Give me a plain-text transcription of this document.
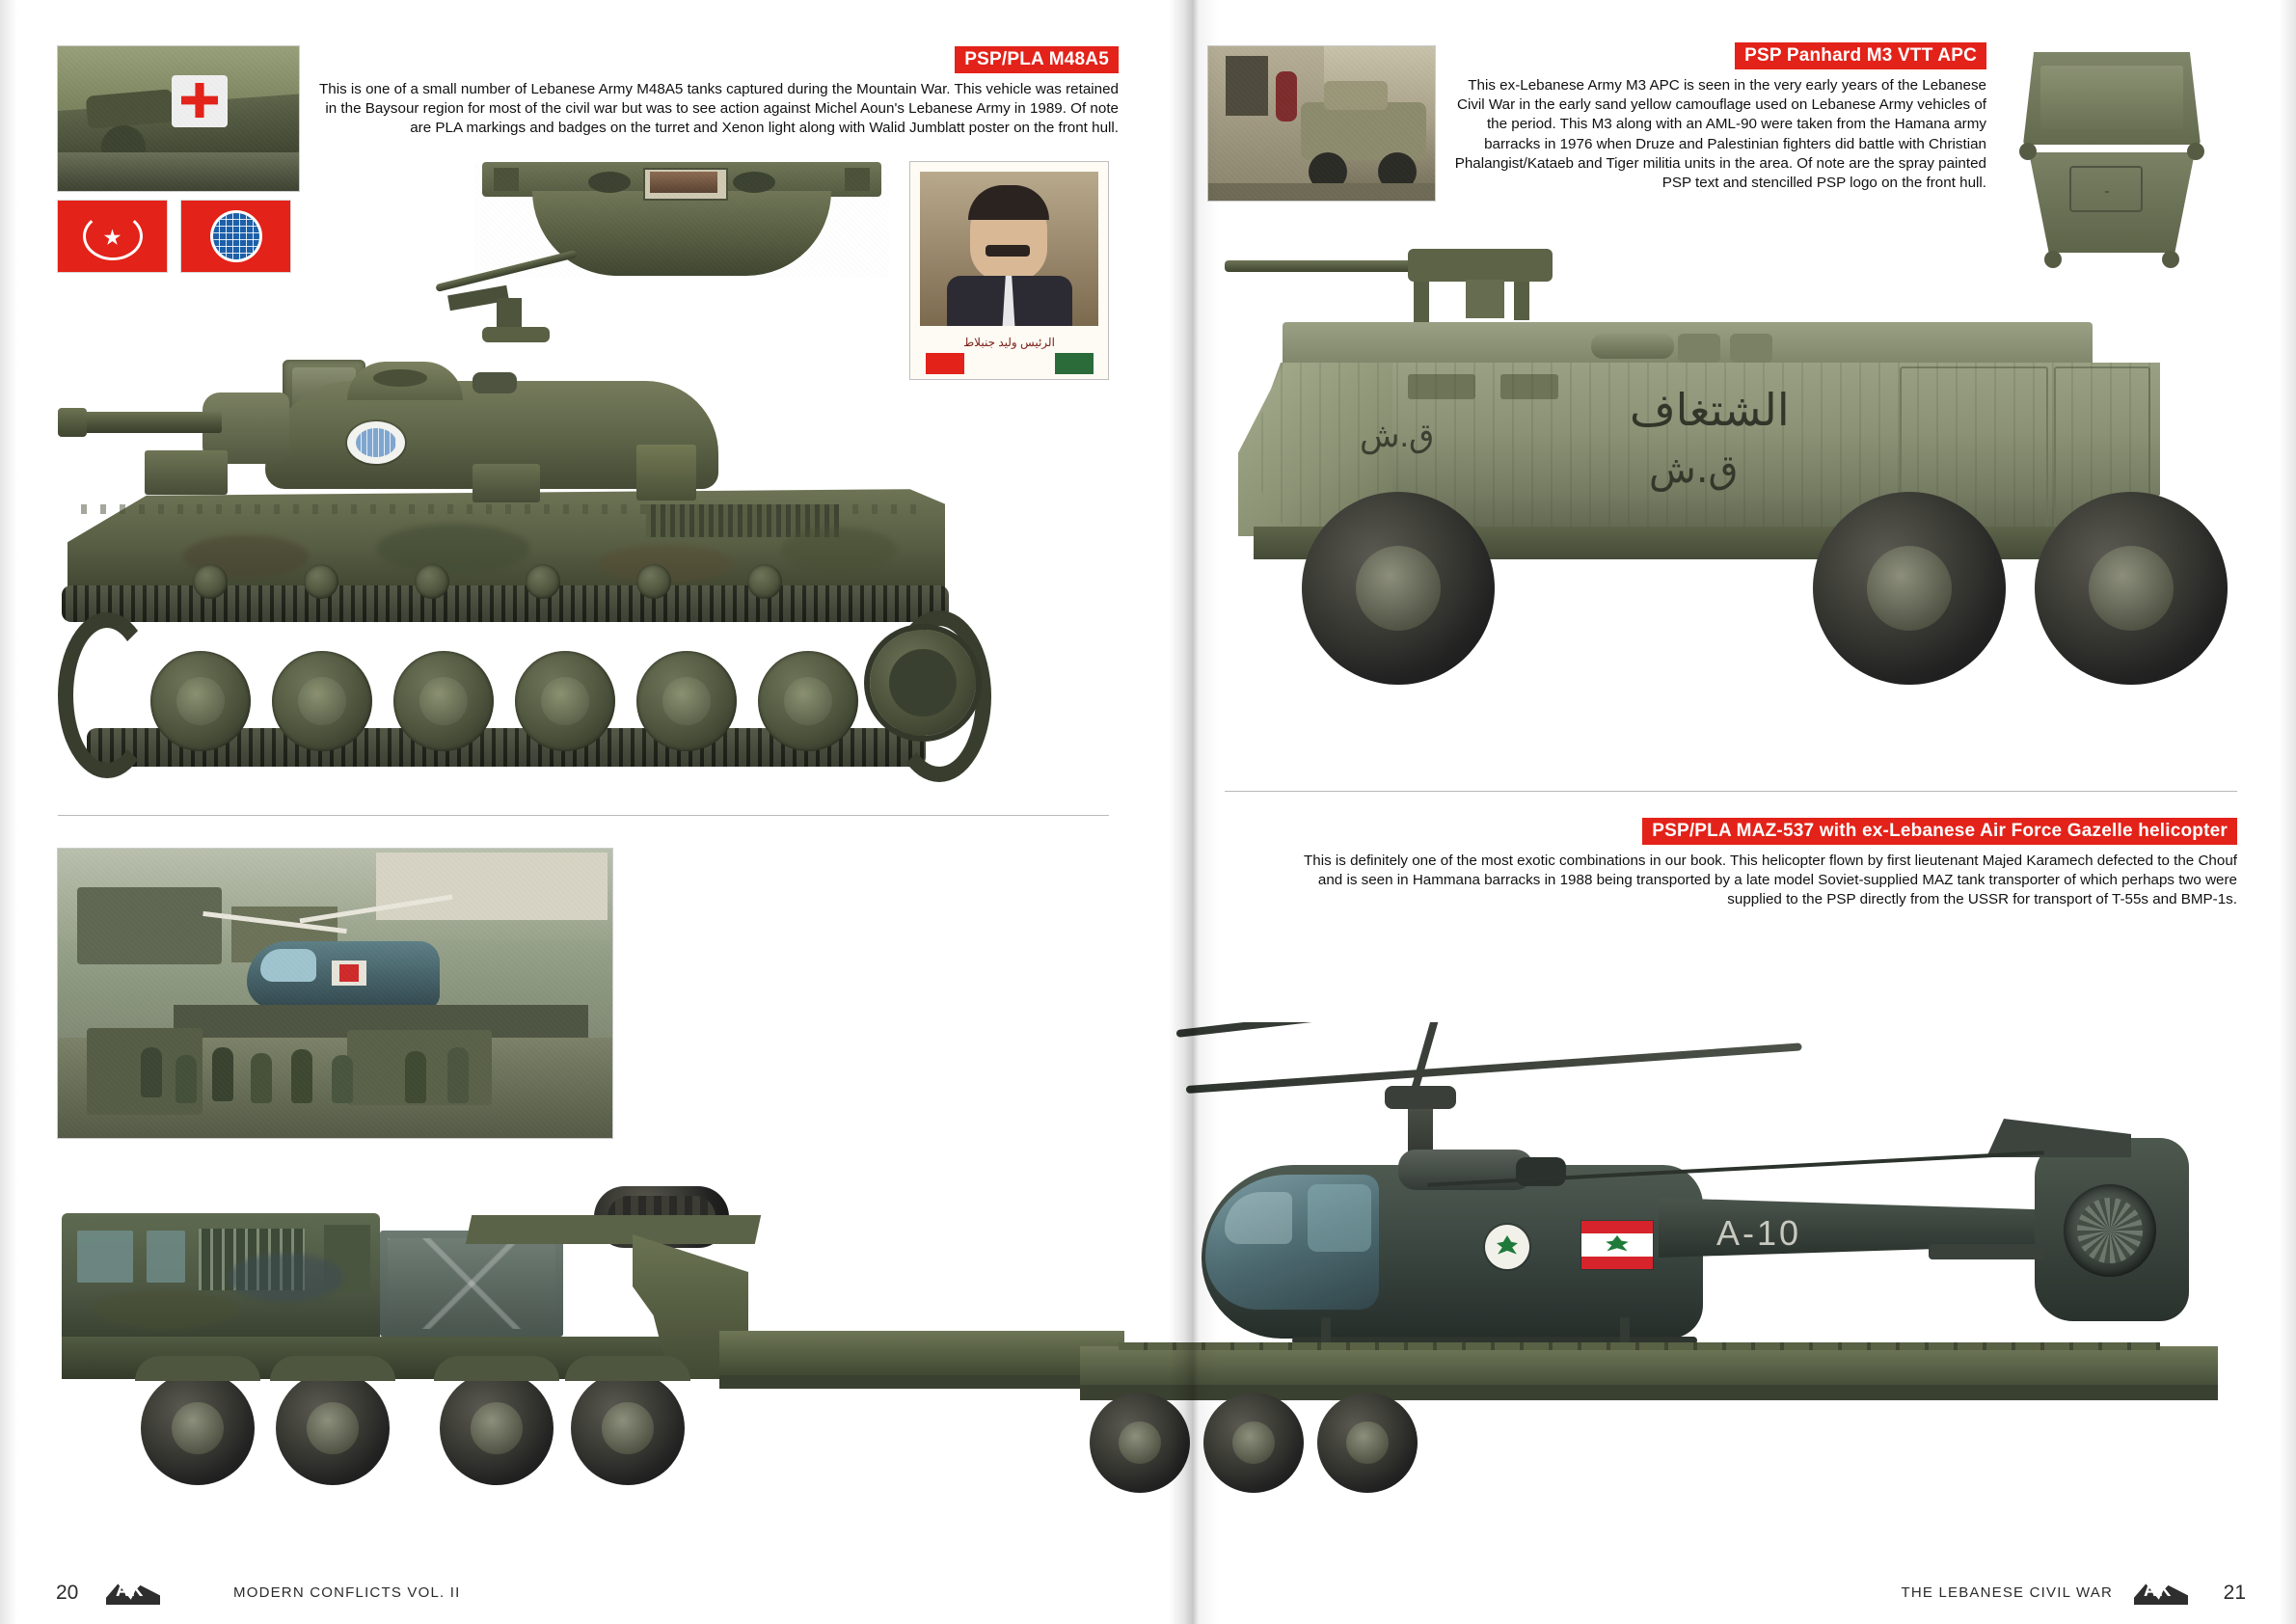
PSP/PLA M48A5
This is one of a small number of Lebanese Army M48A5 tanks captured during the Mountain War. This vehicle was retained in the Baysour region for most of the civil war but was to see action against Michel Aoun's Lebanese Army in 1989. Of note are PLA markings and badges on the turret and Xenon light along with Walid Jumblatt poster on the front hull.
الرئيس وليد جنبلاط
20 AK	MODERN CONFLICTS VOL. II
PSP Panhard M3 VTT APC
This ex-Lebanese Army M3 APC is seen in the very early years of the Lebanese Civil War in the early sand yellow camouflage used on Lebanese Army vehicles of the period. This M3 along with an AML-90 were taken from the Hamana army barracks in 1976 when Druze and Palestinian fighters did battle with Christian Phalangist/Kataeb and Tiger militia units in the area. Of note are the spray painted PSP text and stencilled PSP logo on the front hull.
الشتغاف
ق.ش
ق.ش
PSP/PLA MAZ-537 with ex-Lebanese Air Force Gazelle helicopter
This is definitely one of the most exotic combinations in our book. This helicopter flown by first lieutenant Majed Karamech defected to the Chouf and is seen in Hammana barracks in 1988 being transported by a late model Soviet-supplied MAZ tank transporter of which perhaps two were supplied to the PSP directly from the USSR for transport of T-55s and BMP-1s.
A-10
THE LEBANESE CIVIL WAR AK	21
